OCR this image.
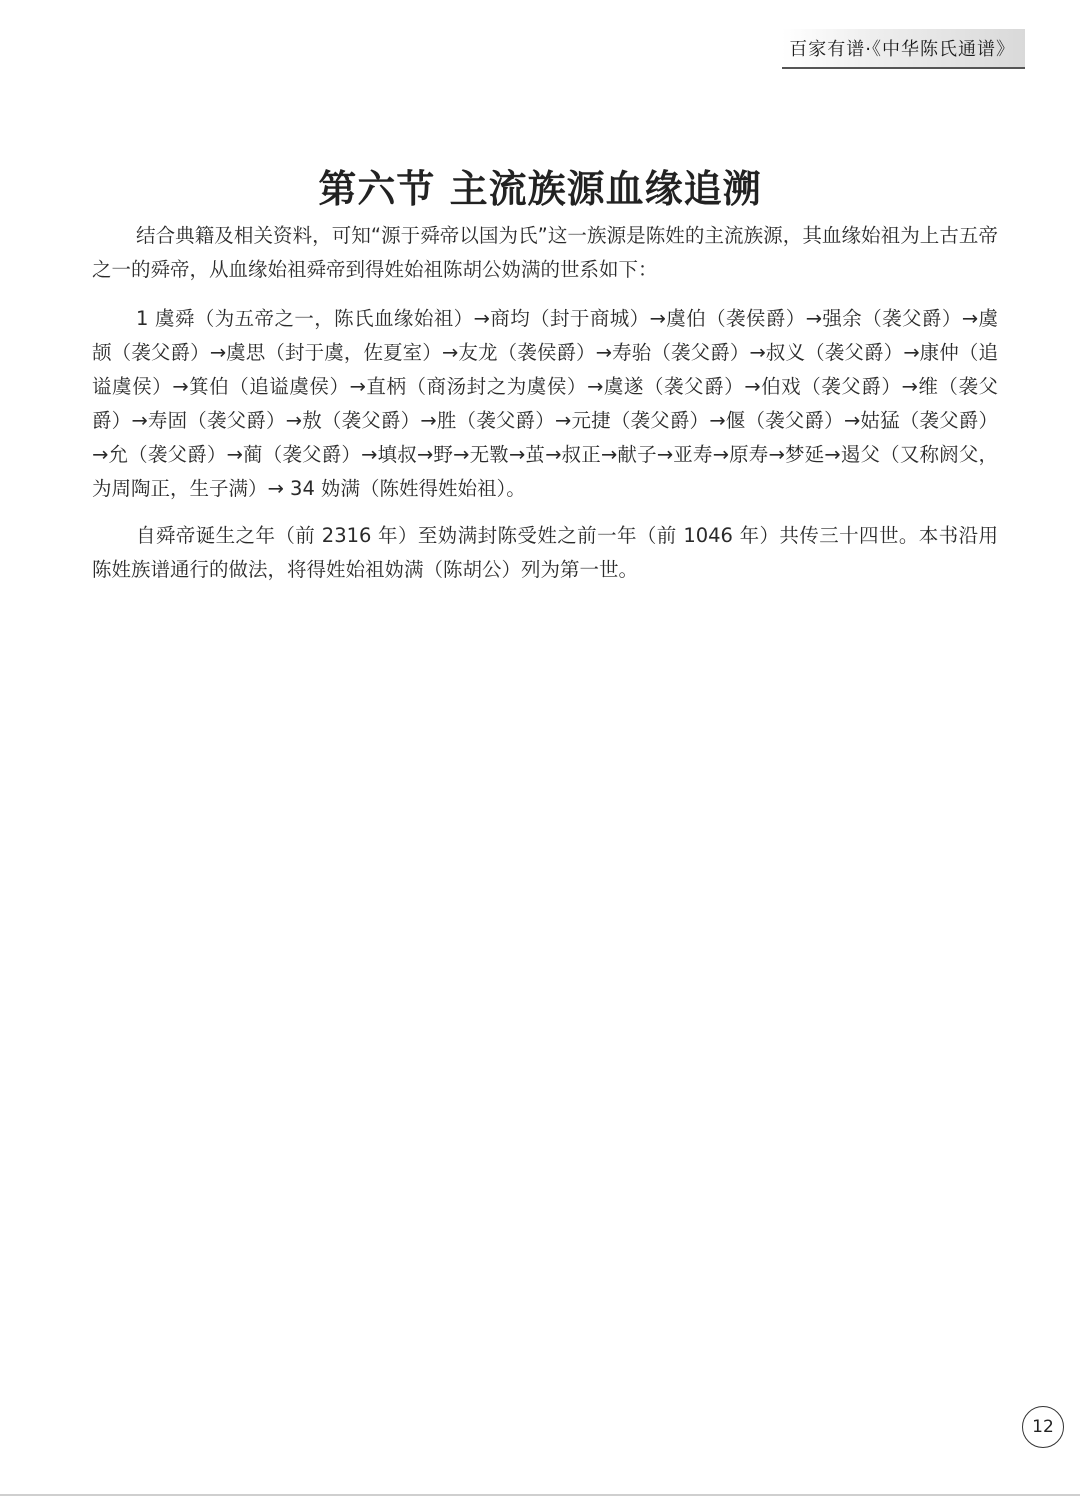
百家有谱·《中华陈氏通谱》
第六节 主流族源血缘追溯

结合典籍及相关资料，可知“源于舜帝以国为氏”这一族源是陈姓的主流族源，其血缘始祖为上古五帝之一的舜帝，从血缘始祖舜帝到得姓始祖陈胡公妫满的世系如下：

1 虞舜（为五帝之一，陈氏血缘始祖）→商均（封于商城）→虞伯（袭侯爵）→强余（袭父爵）→虞颉（袭父爵）→虞思（封于虞，佐夏室）→友龙（袭侯爵）→寿骀（袭父爵）→叔义（袭父爵）→康仲（追谥虞侯）→箕伯（追谥虞侯）→直柄（商汤封之为虞侯）→虞遂（袭父爵）→伯戏（袭父爵）→维（袭父爵）→寿固（袭父爵）→敖（袭父爵）→胜（袭父爵）→元捷（袭父爵）→偃（袭父爵）→姑猛（袭父爵）→允（袭父爵）→蔺（袭父爵）→填叔→野→无斁→茧→叔正→献子→亚寿→原寿→梦延→遏父（又称阏父，为周陶正，生子满）→ 34 妫满（陈姓得姓始祖）。

自舜帝诞生之年（前 2316 年）至妫满封陈受姓之前一年（前 1046 年）共传三十四世。本书沿用陈姓族谱通行的做法，将得姓始祖妫满（陈胡公）列为第一世。

12
